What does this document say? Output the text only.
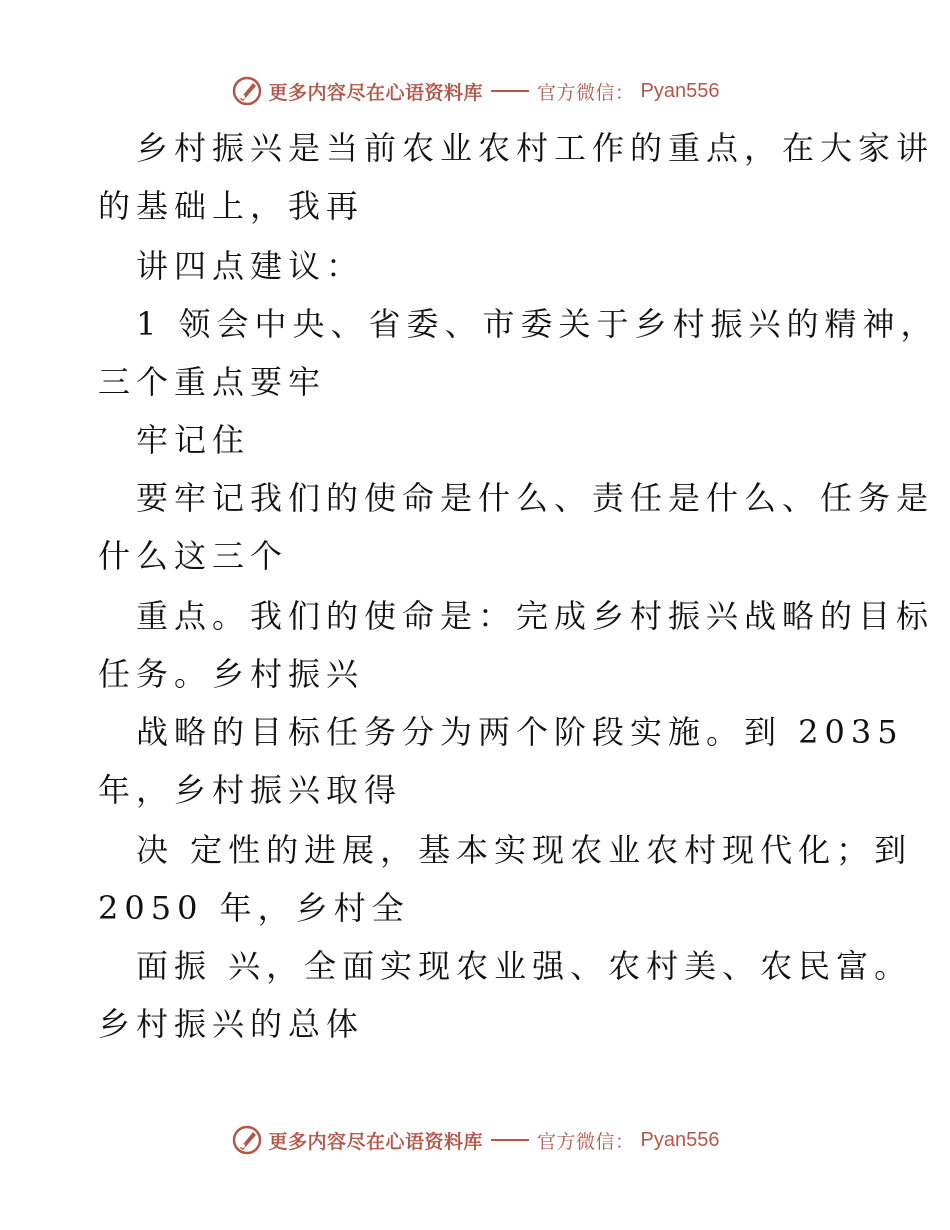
更多内容尽在心语资料库	官方微信： Pyan556
乡村振兴是当前农业农村工作的重点，在大家讲
的基础上，我再
讲四点建议：
1 领会中央、省委、市委关于乡村振兴的精神，
三个重点要牢
牢记住
要牢记我们的使命是什么、责任是什么、任务是
什么这三个
重点。我们的使命是：完成乡村振兴战略的目标
任务。乡村振兴
战略的目标任务分为两个阶段实施。到 2035
年，乡村振兴取得
决 定性的进展，基本实现农业农村现代化；到
2050 年，乡村全
面振 兴，全面实现农业强、农村美、农民富。
乡村振兴的总体
更多内容尽在心语资料库	官方微信： Pyan556
